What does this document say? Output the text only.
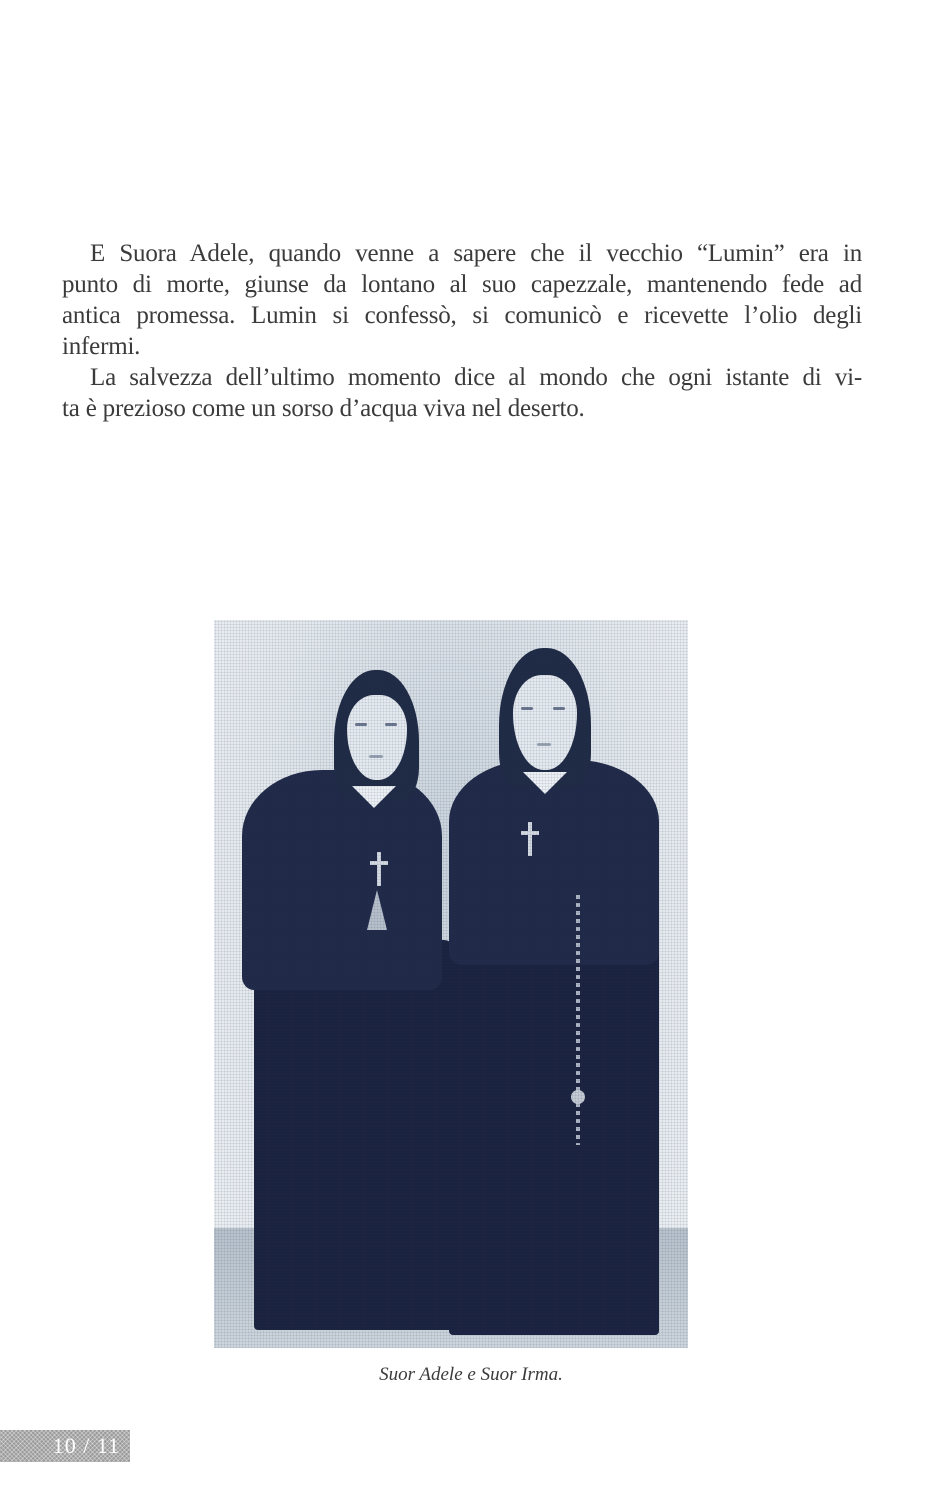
E Suora Adele, quando venne a sapere che il vecchio “Lumin” era in
punto di morte, giunse da lontano al suo capezzale, mantenendo fede ad
antica promessa. Lumin si confessò, si comunicò e ricevette l’olio degli
infermi.

La salvezza dell’ultimo momento dice al mondo che ogni istante di vi-
ta è prezioso come un sorso d’acqua viva nel deserto.

Suor Adele e Suor Irma.
10 / 11
